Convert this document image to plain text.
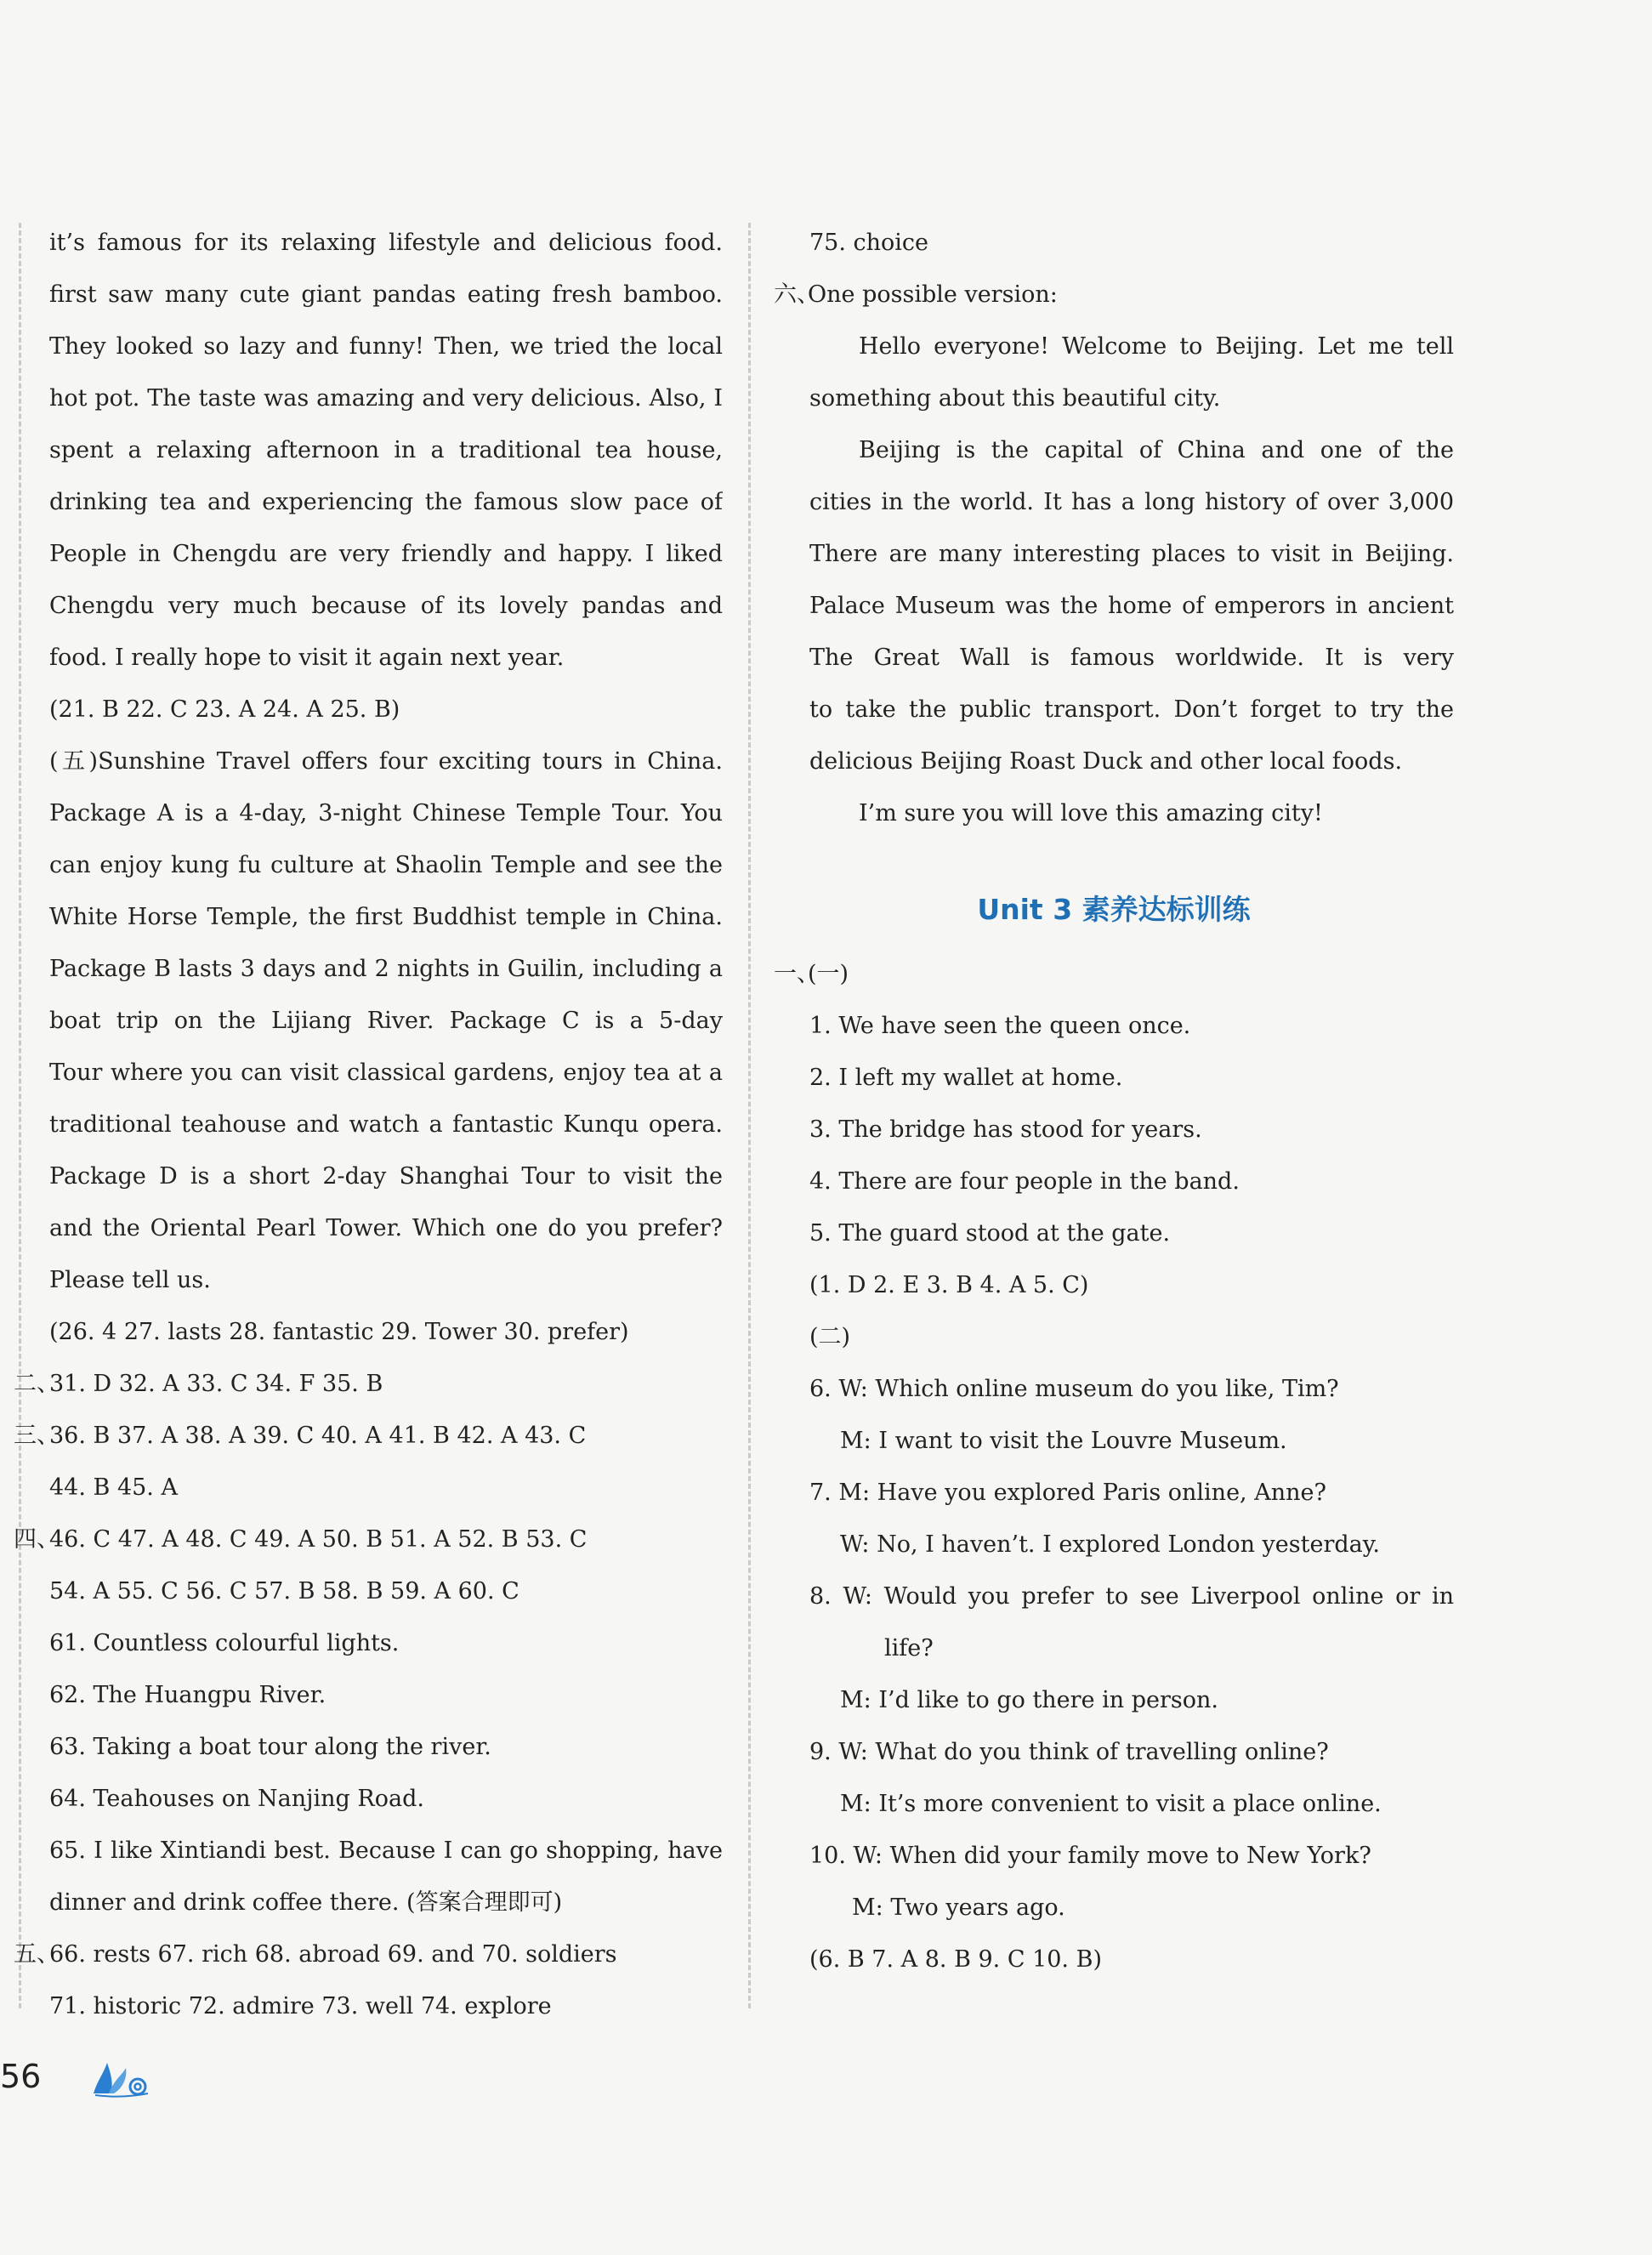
it’s famous for its relaxing lifestyle and delicious food.
first saw many cute giant pandas eating fresh bamboo.
They looked so lazy and funny! Then, we tried the local
hot pot. The taste was amazing and very delicious. Also, I
spent a relaxing afternoon in a traditional tea house,
drinking tea and experiencing the famous slow pace of
People in Chengdu are very friendly and happy. I liked
Chengdu very much because of its lovely pandas and
food. I really hope to visit it again next year.
(21. B 22. C 23. A 24. A 25. B)
(五)Sunshine Travel offers four exciting tours in China.
Package A is a 4-day, 3-night Chinese Temple Tour. You
can enjoy kung fu culture at Shaolin Temple and see the
White Horse Temple, the first Buddhist temple in China.
Package B lasts 3 days and 2 nights in Guilin, including a
boat trip on the Lijiang River. Package C is a 5-day
Tour where you can visit classical gardens, enjoy tea at a
traditional teahouse and watch a fantastic Kunqu opera.
Package D is a short 2-day Shanghai Tour to visit the
and the Oriental Pearl Tower. Which one do you prefer?
Please tell us.
(26. 4 27. lasts 28. fantastic 29. Tower 30. prefer)
二、
31. D 32. A 33. C 34. F 35. B
三、
36. B 37. A 38. A 39. C 40. A 41. B 42. A 43. C
44. B 45. A
四、
46. C 47. A 48. C 49. A 50. B 51. A 52. B 53. C
54. A 55. C 56. C 57. B 58. B 59. A 60. C
61. Countless colourful lights.
62. The Huangpu River.
63. Taking a boat tour along the river.
64. Teahouses on Nanjing Road.
65. I like Xintiandi best. Because I can go shopping, have
dinner and drink coffee there. (答案合理即可)
五、
66. rests 67. rich 68. abroad 69. and 70. soldiers
71. historic 72. admire 73. well 74. explore
75. choice
六、
One possible version:
Hello everyone! Welcome to Beijing. Let me tell
something about this beautiful city.
Beijing is the capital of China and one of the
cities in the world. It has a long history of over 3,000
There are many interesting places to visit in Beijing.
Palace Museum was the home of emperors in ancient
The Great Wall is famous worldwide. It is very
to take the public transport. Don’t forget to try the
delicious Beijing Roast Duck and other local foods.
I’m sure you will love this amazing city!
Unit 3 素养达标训练
一、
(一)
1. We have seen the queen once.
2. I left my wallet at home.
3. The bridge has stood for years.
4. There are four people in the band.
5. The guard stood at the gate.
(1. D 2. E 3. B 4. A 5. C)
(二)
6. W: Which online museum do you like, Tim?
M: I want to visit the Louvre Museum.
7. M: Have you explored Paris online, Anne?
W: No, I haven’t. I explored London yesterday.
8. W: Would you prefer to see Liverpool online or in
life?
M: I’d like to go there in person.
9. W: What do you think of travelling online?
M: It’s more convenient to visit a place online.
10. W: When did your family move to New York?
M: Two years ago.
(6. B 7. A 8. B 9. C 10. B)
56
